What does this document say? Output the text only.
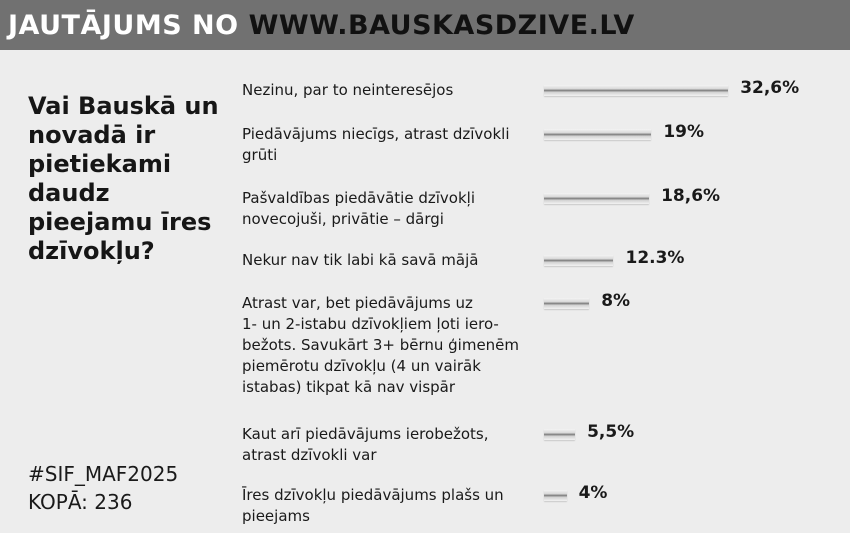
JAUTĀJUMS NO WWW.BAUSKASDZIVE.LV
Vai Bauskā un novadā ir pietiekami daudz pieejamu īres dzīvokļu?
#SIF_MAF2025
KOPĀ: 236
Nezinu, par to neinteresējos	32,6%
Piedāvājums niecīgs, atrast dzīvokli
grūti
19%
Pašvaldības piedāvātie dzīvokļi
novecojuši, privātie – dārgi
18,6%
Nekur nav tik labi kā savā mājā	12.3%
Atrast var, bet piedāvājums uz
1- un 2-istabu dzīvokļiem ļoti iero-
bežots. Savukārt 3+ bērnu ģimenēm
piemērotu dzīvokļu (4 un vairāk
istabas) tikpat kā nav vispār
8%
Kaut arī piedāvājums ierobežots,
atrast dzīvokli var
5,5%
Īres dzīvokļu piedāvājums plašs un
pieejams
4%
